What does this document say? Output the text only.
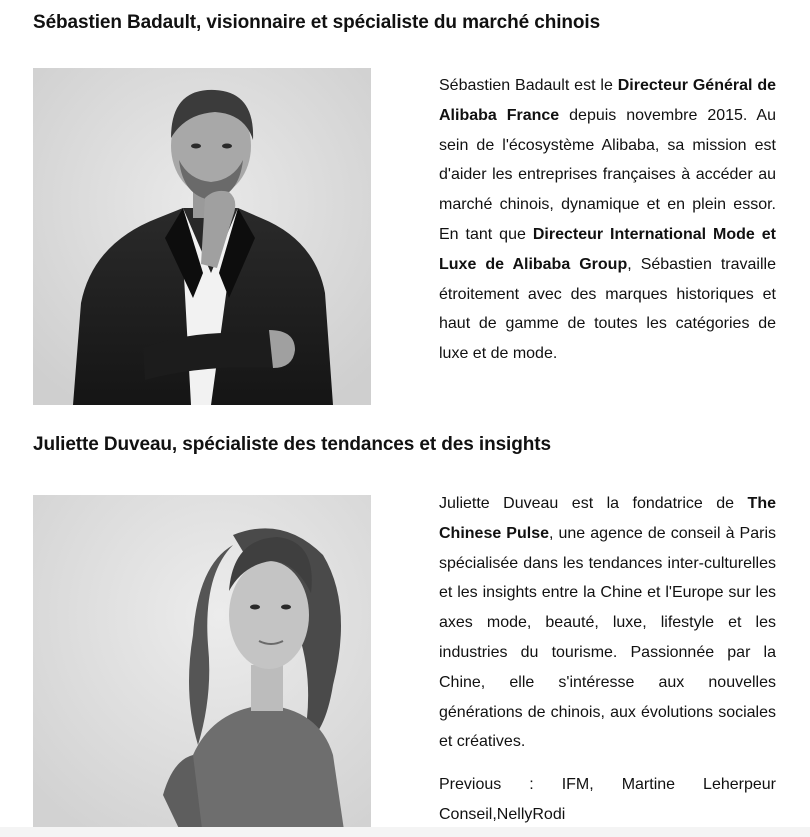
Sébastien Badault, visionnaire et spécialiste du marché chinois

Sébastien Badault est le Directeur Général de Alibaba France depuis novembre 2015. Au sein de l'écosystème Alibaba, sa mission est d'aider les entreprises françaises à accéder au marché chinois, dynamique et en plein essor. En tant que Directeur International Mode et Luxe de Alibaba Group, Sébastien travaille étroitement avec des marques historiques et haut de gamme de toutes les catégories de luxe et de mode.

Juliette Duveau, spécialiste des tendances et des insights

Juliette Duveau est la fondatrice de The Chinese Pulse, une agence de conseil à Paris spécialisée dans les tendances inter-culturelles et les insights entre la Chine et l'Europe sur les axes mode, beauté, luxe, lifestyle et les industries du tourisme. Passionnée par la Chine, elle s'intéresse aux nouvelles générations de chinois, aux évolutions sociales et créatives.

Previous : IFM, Martine Leherpeur Conseil,NellyRodi
